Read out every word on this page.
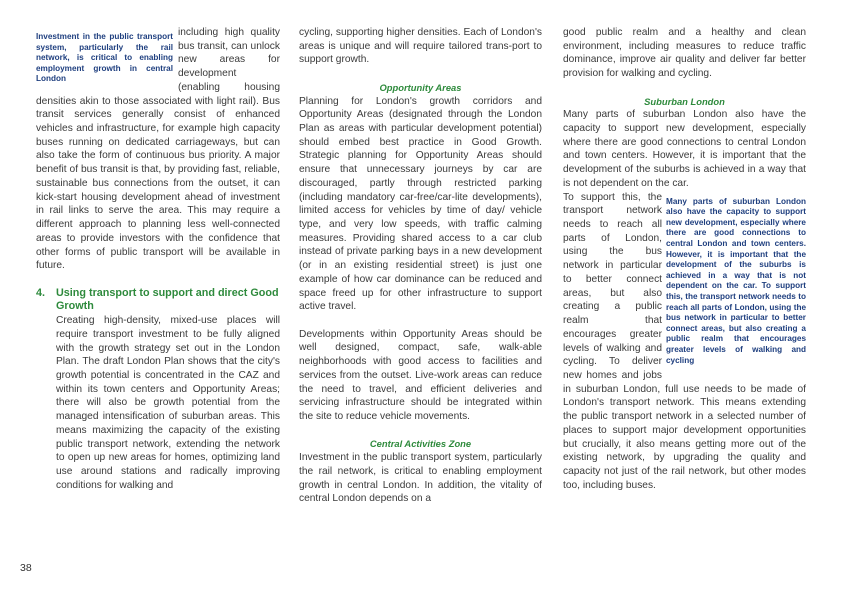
Investment in the public transport system, particularly the rail network, is critical to enabling employment growth in central London

including high quality bus transit, can unlock new areas for development (enabling housing densities akin to those associated with light rail). Bus transit services generally consist of enhanced vehicles and infrastructure, for example high capacity buses running on dedicated carriageways, but can also take the form of continuous bus priority. A major benefit of bus transit is that, by providing fast, reliable, sustainable bus connections from the outset, it can kick-start housing development ahead of investment in rail links to serve the area. This may require a different approach to planning less well-connected areas to provide investors with the confidence that other forms of public transport will be available in future.

4.	Using transport to support and direct Good Growth

Creating high-density, mixed-use places will require transport investment to be fully aligned with the growth strategy set out in the London Plan. The draft London Plan shows that the city's growth potential is concentrated in the CAZ and within its town centers and Opportunity Areas; there will also be growth potential from the managed intensification of suburban areas. This means maximizing the capacity of the existing public transport network, extending the network to open up new areas for homes, optimizing land use around stations and radically improving conditions for walking and

cycling, supporting higher densities. Each of London's areas is unique and will require tailored trans-port to support growth.

Opportunity Areas

Planning for London's growth corridors and Opportunity Areas (designated through the London Plan as areas with particular development potential) should embed best practice in Good Growth. Strategic planning for Opportunity Areas should ensure that unnecessary journeys by car are discouraged, partly through restricted parking (including mandatory car-free/car-lite developments), limited access for vehicles by time of day/ vehicle type, and very low speeds, with traffic calming measures. Providing shared access to a car club instead of private parking bays in a new development (or in an existing residential street) is just one example of how car dominance can be reduced and space freed up for other infrastructure to support active travel.

Developments within Opportunity Areas should be well designed, compact, safe, walk-able neighborhoods with good access to facilities and services from the outset. Live-work areas can reduce the need to travel, and efficient deliveries and servicing infrastructure should be integrated within the site to reduce vehicle movements.

Central Activities Zone

Investment in the public transport system, particularly the rail network, is critical to enabling employment growth in central London. In addition, the vitality of central London depends on a

good public realm and a healthy and clean environment, including measures to reduce traffic dominance, improve air quality and deliver far better provision for walking and cycling.

Suburban London

Many parts of suburban London also have the capacity to support new development, especially where there are good connections to central London and town centers. However, it is important that the development of the suburbs is achieved in a way that is not dependent on the car.

Many parts of suburban London also have the capacity to support new development, especially where there are good connections to central London and town centers. However, it is important that the development of the suburbs is achieved in a way that is not dependent on the car. To support this, the transport network needs to reach all parts of London, using the bus network in particular to better connect areas, but also creating a public realm that encourages greater levels of walking and cycling

To support this, the transport network needs to reach all parts of London, using the bus network in particular to better connect areas, but also creating a public realm that encourages greater levels of walking and cycling. To deliver new homes and jobs in suburban London, full use needs to be made of London's transport network. This means extending the public transport network in a selected number of places to support major development opportunities but crucially, it also means getting more out of the existing network, by upgrading the quality and capacity not just of the rail network, but other modes too, including buses.

38
